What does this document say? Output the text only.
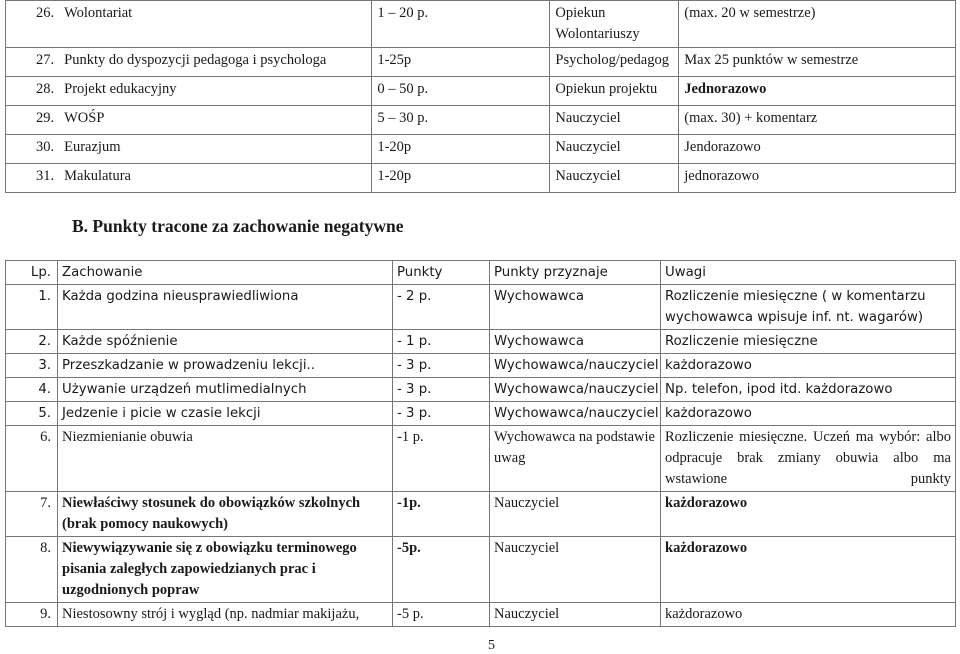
26. Wolontariat	1 – 20 p.	Opiekun Wolontariuszy	(max. 20 w semestrze)
27. Punkty do dyspozycji pedagoga i psychologa	1-25p	Psycholog/pedagog	Max 25 punktów w semestrze
28. Projekt edukacyjny	0 – 50 p.	Opiekun projektu	Jednorazowo
29. WOŚP	5 – 30 p.	Nauczyciel	(max. 30) + komentarz
30. Eurazjum	1-20p	Nauczyciel	Jendorazowo
31. Makulatura	1-20p	Nauczyciel	jednorazowo
B. Punkty tracone za zachowanie negatywne
Lp.	Zachowanie	Punkty	Punkty przyznaje	Uwagi
1.	Każda godzina nieusprawiedliwiona	- 2 p.	Wychowawca	Rozliczenie miesięczne ( w komentarzu wychowawca wpisuje inf. nt. wagarów)
2.	Każde spóźnienie	- 1 p.	Wychowawca	Rozliczenie miesięczne
3.	Przeszkadzanie w prowadzeniu lekcji..	- 3 p.	Wychowawca/nauczyciel	każdorazowo
4.	Używanie urządzeń mutlimedialnych	- 3 p.	Wychowawca/nauczyciel	Np. telefon, ipod itd. każdorazowo
5.	Jedzenie i picie w czasie lekcji	- 3 p.	Wychowawca/nauczyciel	każdorazowo
6.	Niezmienianie obuwia	-1 p.	Wychowawca na podstawie uwag	Rozliczenie miesięczne. Uczeń ma wybór: albo odpracuje brak zmiany obuwia albo ma wstawione punkty
7.	Niewłaściwy stosunek do obowiązków szkolnych (brak pomocy naukowych)	-1p.	Nauczyciel	każdorazowo
8.	Niewywiązywanie się z obowiązku terminowego pisania zaległych zapowiedzianych prac i uzgodnionych popraw	-5p.	Nauczyciel	każdorazowo
9.	Niestosowny strój i wygląd (np. nadmiar makijażu,	-5 p.	Nauczyciel	każdorazowo
5
